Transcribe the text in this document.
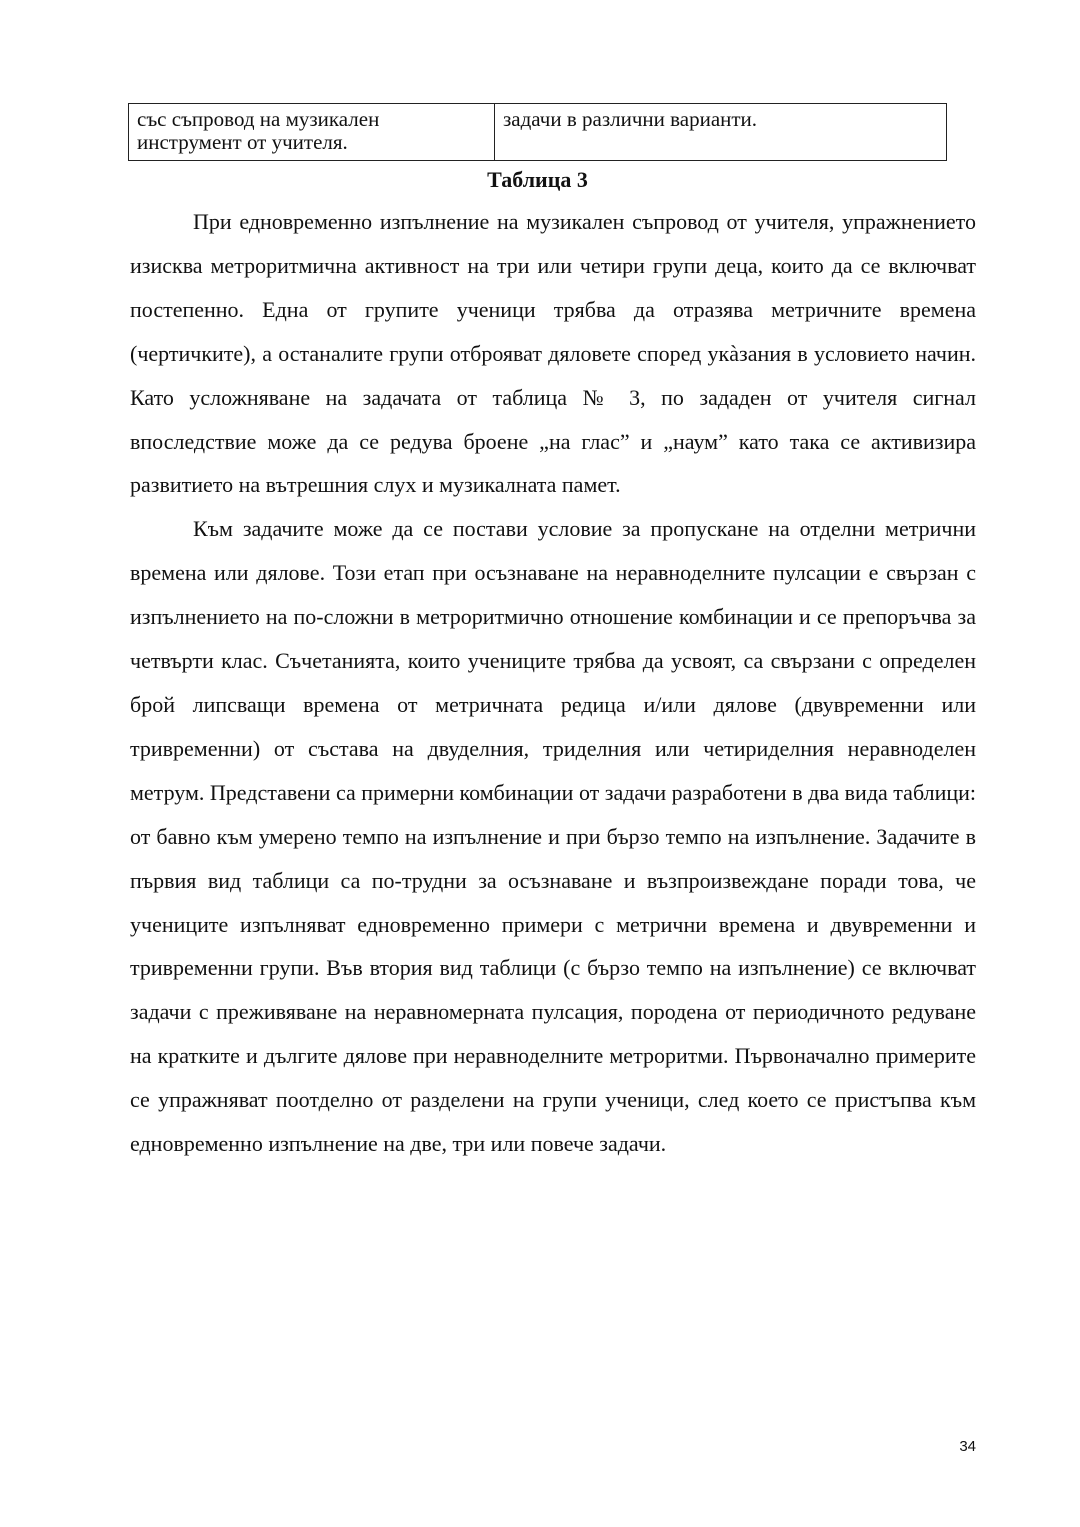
със съпровод на музикален инструмент от учителя.	задачи в различни варианти.
Таблица 3

При едновременно изпълнение на музикален съпровод от учителя, упражнението изисква метроритмична активност на три или четири групи деца, които да се включват постепенно. Една от групите ученици трябва да отразява метричните времена (чертичките), а останалите групи отброяват дяловете според укàзания в условието начин. Като усложняване на задачата от таблица № 3, по зададен от учителя сигнал впоследствие може да се редува броене „на глас” и „наум” като така се активизира развитието на вътрешния слух и музикалната памет.

Към задачите може да се постави условие за пропускане на отделни метрични времена или дялове. Този етап при осъзнаване на неравноделните пулсации е свързан с изпълнението на по-сложни в метроритмично отношение комбинации и се препоръчва за четвърти клас. Съчетанията, които учениците трябва да усвоят, са свързани с определен брой липсващи времена от метричната редица и/или дялове (двувременни или тривременни) от състава на двуделния, триделния или четириделния неравноделен метрум. Представени са примерни комбинации от задачи разработени в два вида таблици: от бавно към умерено темпо на изпълнение и при бързо темпо на изпълнение. Задачите в първия вид таблици са по-трудни за осъзнаване и възпроизвеждане поради това, че учениците изпълняват едновременно примери с метрични времена и двувременни и тривременни групи. Във втория вид таблици (с бързо темпо на изпълнение) се включват задачи с преживяване на неравномерната пулсация, породена от периодичното редуване на кратките и дългите дялове при неравноделните метроритми. Първоначално примерите се упражняват поотделно от разделени на групи ученици, след което се пристъпва към едновременно изпълнение на две, три или повече задачи.

34
